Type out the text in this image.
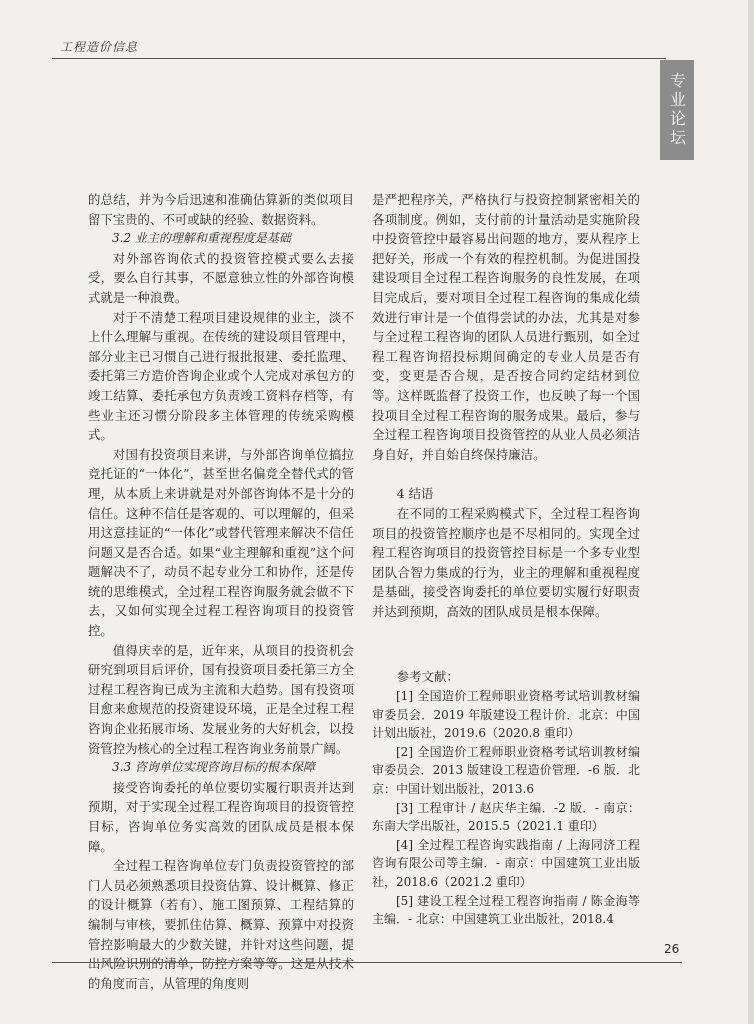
工程造价信息
专业论坛

的总结，并为今后迅速和准确估算新的类似项目留下宝贵的、不可或缺的经验、数据资料。

3.2 业主的理解和重视程度是基础

对外部咨询依式的投资管控模式要么去接受，要么自行其事，不愿意独立性的外部咨询模式就是一种浪费。

对于不清楚工程项目建设规律的业主，淡不上什么理解与重视。在传统的建设项目管理中，部分业主已习惯自己进行报批报建、委托监理、委托第三方造价咨询企业或个人完成对承包方的竣工结算、委托承包方负责竣工资料存档等，有些业主还习惯分阶段多主体管理的传统采购模式。

对国有投资项目来讲，与外部咨询单位搞拉竞托证的“一体化”，甚至世名偏竞全替代式的管理，从本质上来讲就是对外部咨询体不是十分的信任。这种不信任是客观的、可以理解的，但采用这意挂证的“一体化”或替代管理来解决不信任问题又是否合适。如果“业主理解和重视”这个问题解决不了，动员不起专业分工和协作，还是传统的思维模式，全过程工程咨询服务就会做不下去，又如何实现全过程工程咨询项目的投资管控。

值得庆幸的是，近年来，从项目的投资机会研究到项目后评价，国有投资项目委托第三方全过程工程咨询已成为主流和大趋势。国有投资项目愈来愈规范的投资建设环境，正是全过程工程咨询企业拓展市场、发展业务的大好机会，以投资管控为核心的全过程工程咨询业务前景广阔。

3.3 咨询单位实现咨询目标的根本保障

接受咨询委托的单位要切实履行职责并达到预期，对于实现全过程工程咨询项目的投资管控目标，咨询单位务实高效的团队成员是根本保障。

全过程工程咨询单位专门负责投资管控的部门人员必须熟悉项目投资估算、设计概算、修正的设计概算（若有）、施工图预算、工程结算的编制与审核，要抓住估算、概算、预算中对投资管控影响最大的少数关键，并针对这些问题，提出风险识别的清单，防控方案等等。这是从技术的角度而言，从管理的角度则

是严把程序关，严格执行与投资控制紧密相关的各项制度。例如，支付前的计量活动是实施阶段中投资管控中最容易出问题的地方，要从程序上把好关，形成一个有效的程控机制。为促进国投建设项目全过程工程咨询服务的良性发展，在项目完成后，要对项目全过程工程咨询的集成化绩效进行审计是一个值得尝试的办法，尤其是对参与全过程工程咨询的团队人员进行甄别，如全过程工程咨询招投标期间确定的专业人员是否有变，变更是否合规，是否按合同约定结材到位等。这样既监督了投资工作，也反映了每一个国投项目全过程工程咨询的服务成果。最后，参与全过程工程咨询项目投资管控的从业人员必须洁身自好，并自始自终保持廉洁。

4 结语

在不同的工程采购模式下，全过程工程咨询项目的投资管控顺序也是不尽相同的。实现全过程工程咨询项目的投资管控目标是一个多专业型团队合智力集成的行为，业主的理解和重视程度是基础，接受咨询委托的单位要切实履行好职责并达到预期，高效的团队成员是根本保障。

参考文献：

[1] 全国造价工程师职业资格考试培训教材编审委员会．2019 年版建设工程计价．北京：中国计划出版社，2019.6（2020.8 重印）

[2] 全国造价工程师职业资格考试培训教材编审委员会．2013 版建设工程造价管理．-6 版．北京：中国计划出版社，2013.6

[3] 工程审计 / 赵庆华主编．-2 版．- 南京：东南大学出版社，2015.5（2021.1 重印）

[4] 全过程工程咨询实践指南 / 上海同济工程咨询有限公司等主编．- 南京：中国建筑工业出版社，2018.6（2021.2 重印）

[5] 建设工程全过程工程咨询指南 / 陈金海等主编．- 北京：中国建筑工业出版社，2018.4

26
